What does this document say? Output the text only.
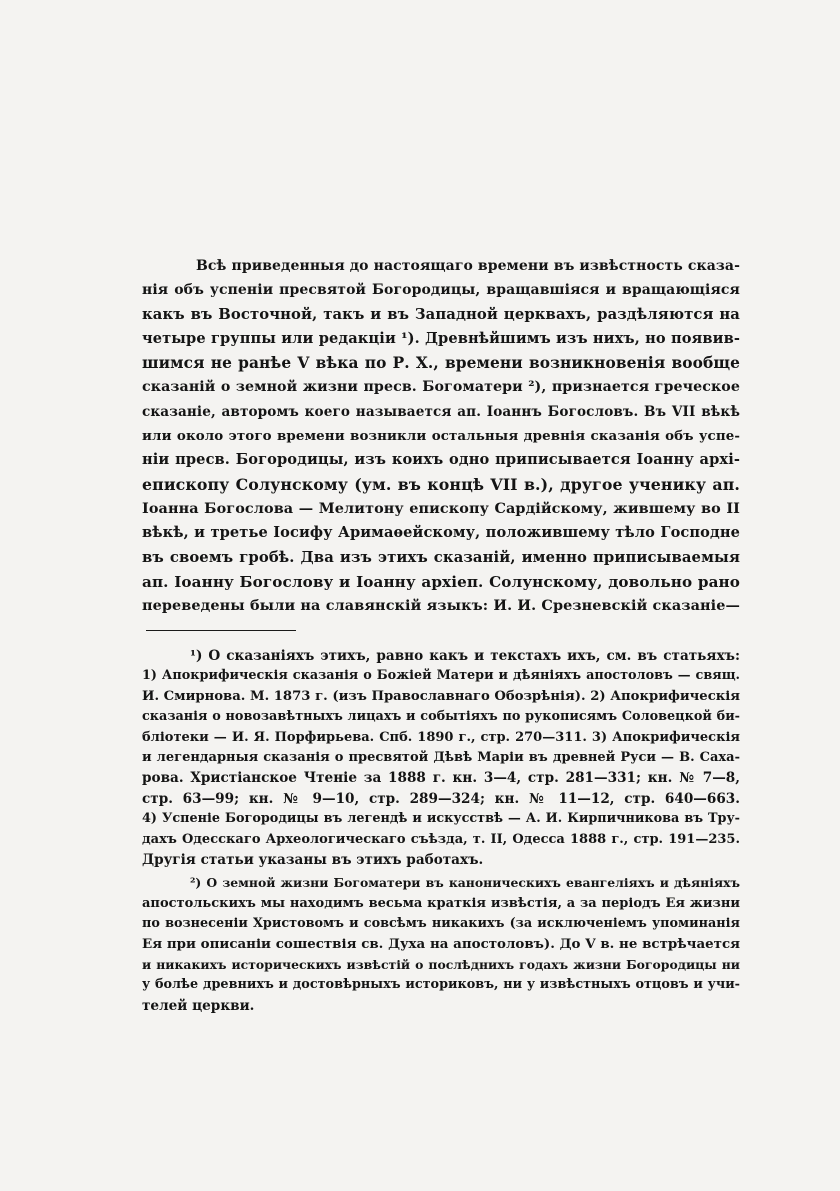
Всѣ приведенныя до настоящаго времени въ извѣстность сказа-
нія объ успеніи пресвятой Богородицы, вращавшіяся и вращающіяся
какъ въ Восточной, такъ и въ Западной церквахъ, раздѣляются на
четыре группы или редакціи ¹). Древнѣйшимъ изъ нихъ, но появив-
шимся не ранѣе V вѣка по Р. Х., времени возникновенія вообще
сказаній о земной жизни пресв. Богоматери ²), признается греческое
сказаніе, авторомъ коего называется ап. Іоаннъ Богословъ. Въ VII вѣкѣ
или около этого времени возникли остальныя древнія сказанія объ успе-
ніи пресв. Богородицы, изъ коихъ одно приписывается Іоанну архі-
епископу Солунскому (ум. въ концѣ VII в.), другое ученику ап.
Іоанна Богослова — Мелитону епископу Сардійскому, жившему во II
вѣкѣ, и третье Іосифу Аримаѳейскому, положившему тѣло Господне
въ своемъ гробѣ. Два изъ этихъ сказаній, именно приписываемыя
ап. Іоанну Богослову и Іоанну архіеп. Солунскому, довольно рано
переведены были на славянскій языкъ: И. И. Срезневскій сказаніе—
¹) О сказаніяхъ этихъ, равно какъ и текстахъ ихъ, см. въ статьяхъ:
1) Апокрифическія сказанія о Божіей Матери и дѣяніяхъ апостоловъ — свящ.
И. Смирнова. М. 1873 г. (изъ Православнаго Обозрѣнія). 2) Апокрифическія
сказанія о новозавѣтныхъ лицахъ и событіяхъ по рукописямъ Соловецкой би-
бліотеки — И. Я. Порфирьева. Спб. 1890 г., стр. 270—311. 3) Апокрифическія
и легендарныя сказанія о пресвятой Дѣвѣ Маріи въ древней Руси — В. Саха-
рова. Христіанское Чтеніе за 1888 г. кн. 3—4, стр. 281—331; кн. № 7—8,
стр. 63—99; кн. № 9—10, стр. 289—324; кн. № 11—12, стр. 640—663.
4) Успеніе Богородицы въ легендѣ и искусствѣ — А. И. Кирпичникова въ Тру-
дахъ Одесскаго Археологическаго съѣзда, т. II, Одесса 1888 г., стр. 191—235.
Другія статьи указаны въ этихъ работахъ.
²) О земной жизни Богоматери въ каноническихъ евангеліяхъ и дѣяніяхъ
апостольскихъ мы находимъ весьма краткія извѣстія, а за періодъ Ея жизни
по вознесеніи Христовомъ и совсѣмъ никакихъ (за исключеніемъ упоминанія
Ея при описаніи сошествія св. Духа на апостоловъ). До V в. не встрѣчается
и никакихъ историческихъ извѣстій о послѣднихъ годахъ жизни Богородицы ни
у болѣе древнихъ и достовѣрныхъ историковъ, ни у извѣстныхъ отцовъ и учи-
телей церкви.
